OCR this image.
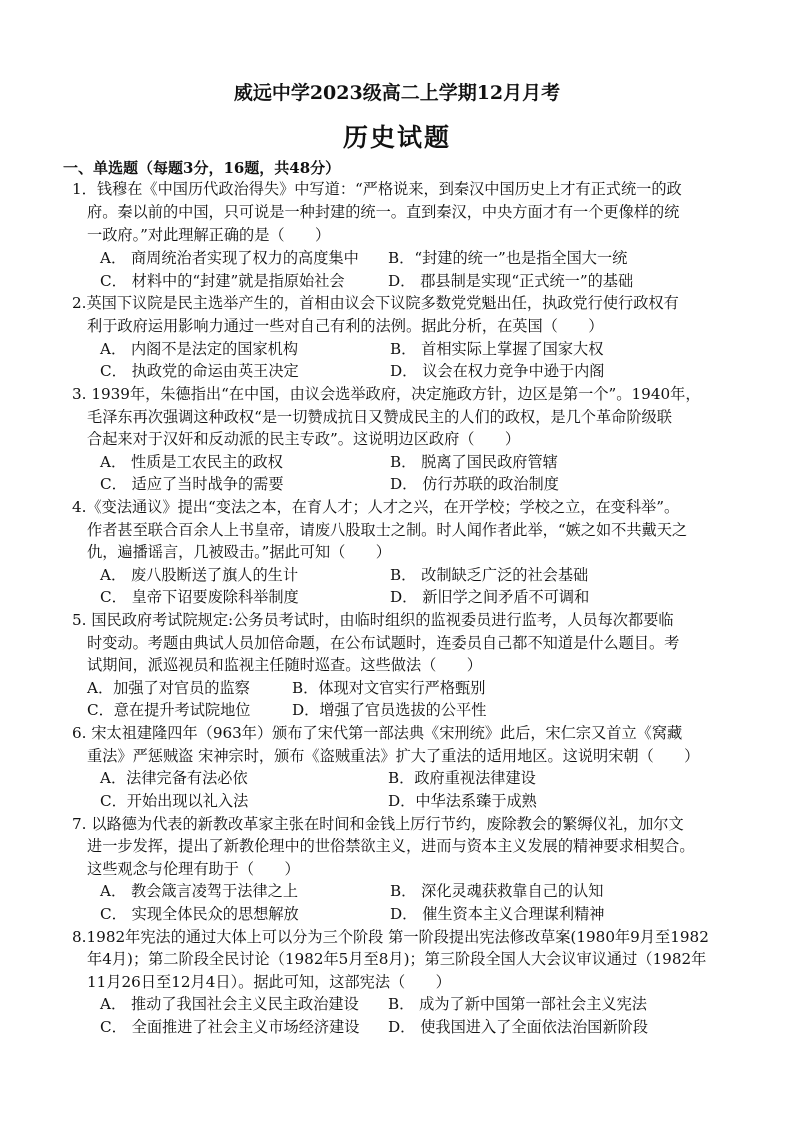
威远中学2023级高二上学期12月月考
历史试题
一、单选题（每题3分，16题，共48分）
1．钱穆在《中国历代政治得失》中写道：“严格说来，到秦汉中国历史上才有正式统一的政
府。秦以前的中国，只可说是一种封建的统一。直到秦汉，中央方面才有一个更像样的统
一政府。”对此理解正确的是（　　）
A． 商周统治者实现了权力的高度集中 B．“封建的统一”也是指全国大一统
C． 材料中的“封建”就是指原始社会	D． 郡县制是实现“正式统一”的基础
2.英国下议院是民主选举产生的，首相由议会下议院多数党党魁出任，执政党行使行政权有
利于政府运用影响力通过一些对自己有利的法例。据此分析，在英国（　　）
A． 内阁不是法定的国家机构	B． 首相实际上掌握了国家大权
C． 执政党的命运由英王决定	D． 议会在权力竞争中逊于内阁
3. 1939年，朱德指出“在中国，由议会选举政府，决定施政方针，边区是第一个”。1940年，
毛泽东再次强调这种政权“是一切赞成抗日又赞成民主的人们的政权，是几个革命阶级联
合起来对于汉奸和反动派的民主专政”。这说明边区政府（　　）
A． 性质是工农民主的政权	B． 脱离了国民政府管辖
C． 适应了当时战争的需要	D． 仿行苏联的政治制度
4.《变法通议》提出“变法之本，在育人才；人才之兴，在开学校；学校之立，在变科举”。
作者甚至联合百余人上书皇帝，请废八股取士之制。时人闻作者此举，“嫉之如不共戴天之
仇，遍播谣言，几被殴击。”据此可知（　　）
A． 废八股断送了旗人的生计	B． 改制缺乏广泛的社会基础
C． 皇帝下诏要废除科举制度	D． 新旧学之间矛盾不可调和
5. 国民政府考试院规定:公务员考试时，由临时组织的监视委员进行监考，人员每次都要临
时变动。考题由典试人员加倍命题，在公布试题时，连委员自己都不知道是什么题目。考
试期间，派巡视员和监视主任随时巡查。这些做法（　　）
A．加强了对官员的监察	B．体现对文官实行严格甄别
C．意在提升考试院地位	D．增强了官员选拔的公平性
6. 宋太祖建隆四年（963年）颁布了宋代第一部法典《宋刑统》此后，宋仁宗又首立《窝藏
重法》严惩贼盗 宋神宗时，颁布《盗贼重法》扩大了重法的适用地区。这说明宋朝（　　）
A．法律完备有法必依	B．政府重视法律建设
C．开始出现以礼入法	D．中华法系臻于成熟
7. 以路德为代表的新教改革家主张在时间和金钱上厉行节约，废除教会的繁缛仪礼，加尔文
进一步发挥，提出了新教伦理中的世俗禁欲主义，进而与资本主义发展的精神要求相契合。
这些观念与伦理有助于（　　）
A． 教会箴言凌驾于法律之上	B． 深化灵魂获救靠自己的认知
C． 实现全体民众的思想解放	D． 催生资本主义合理谋利精神
8.1982年宪法的通过大体上可以分为三个阶段 第一阶段提出宪法修改草案(1980年9月至1982
年4月)；第二阶段全民讨论（1982年5月至8月)；第三阶段全国人大会议审议通过（1982年
11月26日至12月4日）。据此可知，这部宪法（　　）
A． 推动了我国社会主义民主政治建设 B． 成为了新中国第一部社会主义宪法
C． 全面推进了社会主义市场经济建设 D． 使我国进入了全面依法治国新阶段
